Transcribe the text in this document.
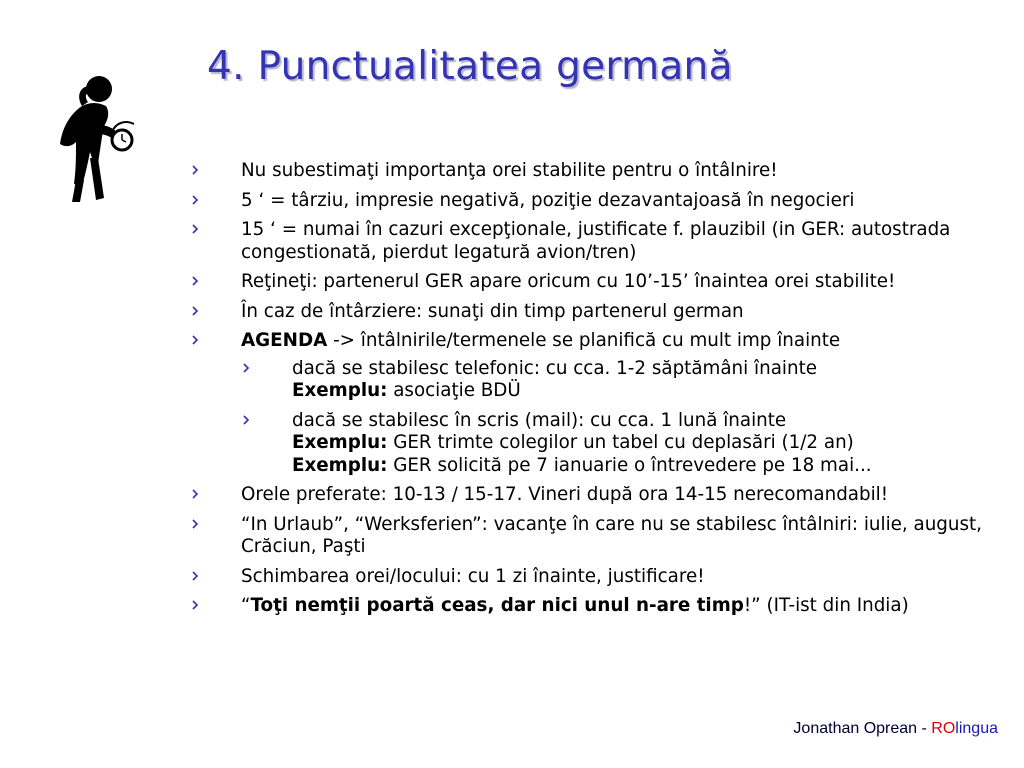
4. Punctualitatea germană
Nu subestimaţi importanţa orei stabilite pentru o întâlnire!
5 ‘ = târziu, impresie negativă, poziţie dezavantajoasă în negocieri
15 ‘ = numai în cazuri excepţionale, justificate f. plauzibil (in GER: autostrada congestionată, pierdut legatură avion/tren)
Reţineţi: partenerul GER apare oricum cu 10’-15’ înaintea orei stabilite!
În caz de întârziere: sunaţi din timp partenerul german
AGENDA -> întâlnirile/termenele se planifică cu mult imp înainte
dacă se stabilesc telefonic: cu cca. 1-2 săptămâni înainte
Exemplu: asociaţie BDÜ
dacă se stabilesc în scris (mail): cu cca. 1 lună înainte
Exemplu: GER trimte colegilor un tabel cu deplasări (1/2 an)
Exemplu: GER solicită pe 7 ianuarie o întrevedere pe 18 mai...
Orele preferate: 10-13 / 15-17. Vineri după ora 14-15 nerecomandabil!
“In Urlaub”, “Werksferien”: vacanţe în care nu se stabilesc întâlniri: iulie, august, Crăciun, Paşti
Schimbarea orei/locului: cu 1 zi înainte, justificare!
“Toţi nemţii poartă ceas, dar nici unul n-are timp!” (IT-ist din India)
Jonathan Oprean - ROlingua
